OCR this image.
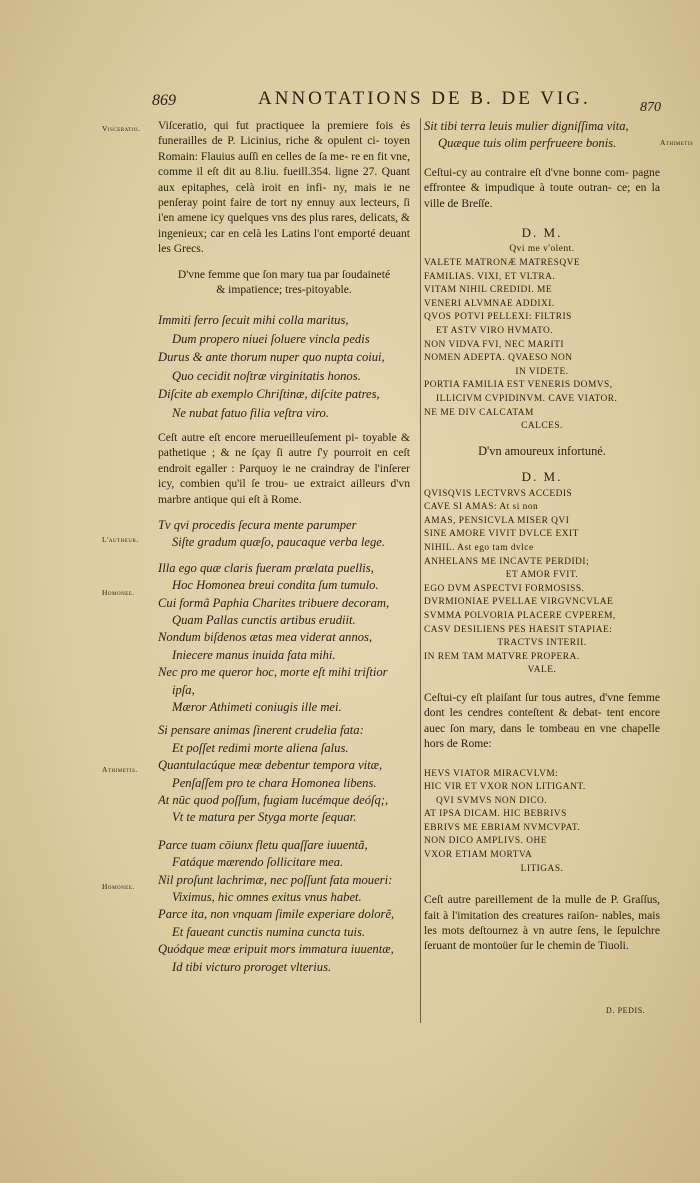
869	ANNOTATIONS DE B. DE VIG.	870
Visceratio.
Athimetis
L'autheur.
Homonee.
Athimetis.
Homonee.

Viſceratio, qui fut practiquee la premiere fois és funerailles de P. Licinius, riche & opulent ci- toyen Romain: Flauius auſſi en celles de ſa me- re en fit vne, comme il eſt dit au 8.liu. fueill.354. ligne 27. Quant aux epitaphes, celà iroit en infi- ny, mais ie ne penſeray point faire de tort ny ennuy aux lecteurs, ſi i'en amene icy quelques vns des plus rares, delicats, & ingenieux; car en celà les Latins l'ont emporté deuant les Grecs.

D'vne femme que ſon mary tua par ſoudaineté
& impatience; tres-pitoyable.

Immiti ferro ſecuit mihi colla maritus,
Dum propero niuei ſoluere vincla pedis
Durus & ante thorum nuper quo nupta coiui,
Quo cecidit noſtræ virginitatis honos.
Diſcite ab exemplo Chriſtinæ, diſcite patres,
Ne nubat fatuo filia veſtra viro.

Ceſt autre eſt encore merueilleuſement pi- toyable & pathetique ; & ne ſçay ſi autre ſ'y pourroit en ceſt endroit egaller : Parquoy ie ne craindray de l'inſerer icy, combien qu'il ſe trou- ue extraict ailleurs d'vn marbre antique qui eſt à Rome.

Tv qvi procedis ſecura mente parumper
Siſte gradum quæſo, paucaque verba lege.
Illa ego quæ claris fueram prælata puellis,
Hoc Homonea breui condita ſum tumulo.
Cui formâ Paphia Charites tribuere decoram,
Quam Pallas cunctis artibus erudiit.
Nondum biſdenos ætas mea viderat annos,
Iniecere manus inuida fata mihi.
Nec pro me queror hoc, morte eſt mihi triſtior
ipſa,
Mæror Athimeti coniugis ille mei.
Si pensare animas ſinerent crudelia fata:
Et poſſet redimi morte aliena ſalus.
Quantulacúque meæ debentur tempora vitæ,
Penſaſſem pro te chara Homonea libens.
At nūc quod poſſum, fugiam lucémque deóſq;,
Vt te matura per Styga morte ſequar.
Parce tuam cōiunx fletu quaſſare iuuentã,
Fatáque mærendo ſollicitare mea.
Nil proſunt lachrimæ, nec poſſunt fata moueri:
Viximus, hic omnes exitus vnus habet.
Parce ita, non vnquam ſimile experiare dolorẽ,
Et faueant cunctis numina cuncta tuis.
Quódque meæ eripuit mors immatura iuuentæ,
Id tibi victuro proroget vlterius.
Sit tibi terra leuis mulier digniſſima vita,
Quæque tuis olim perfrueere bonis.

Ceſtui-cy au contraire eſt d'vne bonne com- pagne effrontee & impudique à toute outran- ce; en la ville de Breſſe.

D. M.
Qvi me v'olent.
VALETE MATRONÆ MATRESQVE
FAMILIAS. VIXI, ET VLTRA.
VITAM NIHIL CREDIDI. ME
VENERI ALVMNAE ADDIXI.
QVOS POTVI PELLEXI: FILTRIS
ET ASTV VIRO HVMATO.
NON VIDVA FVI, NEC MARITI
NOMEN ADEPTA. QVAESO NON
IN VIDETE.
PORTIA FAMILIA EST VENERIS DOMVS,
ILLICIVM CVPIDINVM. CAVE VIATOR.
NE ME DIV CALCATAM
CALCES.
D'vn amoureux infortuné.
D. M.
QVISQVIS LECTVRVS ACCEDIS
CAVE SI AMAS: At si non
AMAS, PENSICVLA MISER QVI
SINE AMORE VIVIT DVLCE EXIT
NIHIL. Ast ego tam dvlce
ANHELANS ME INCAVTE PERDIDI;
ET AMOR FVIT.
EGO DVM ASPECTVI FORMOSISS.
DVRMIONIAE PVELLAE VIRGVNCVLAE
SVMMA POLVORIA PLACERE CVPEREM,
CASV DESILIENS PES HAESIT STAPIAE:
TRACTVS INTERII.
IN REM TAM MATVRE PROPERA.
VALE.

Ceſtui-cy eſt plaiſant ſur tous autres, d'vne femme dont les cendres conteſtent & debat- tent encore auec ſon mary, dans le tombeau en vne chapelle hors de Rome:

HEVS VIATOR MIRACVLVM:
HIC VIR ET VXOR NON LITIGANT.
QVI SVMVS NON DICO.
AT IPSA DICAM. HIC BEBRIVS
EBRIVS ME EBRIAM NVMCVPAT.
NON DICO AMPLIVS. OHE
VXOR ETIAM MORTVA
LITIGAS.

Ceſt autre pareillement de la mulle de P. Graſſus, fait à l'imitation des creatures raiſon- nables, mais les mots deſtournez à vn autre ſens, le ſepulchre ſeruant de montoüer ſur le chemin de Tiuoli.

D. PEDIS.
